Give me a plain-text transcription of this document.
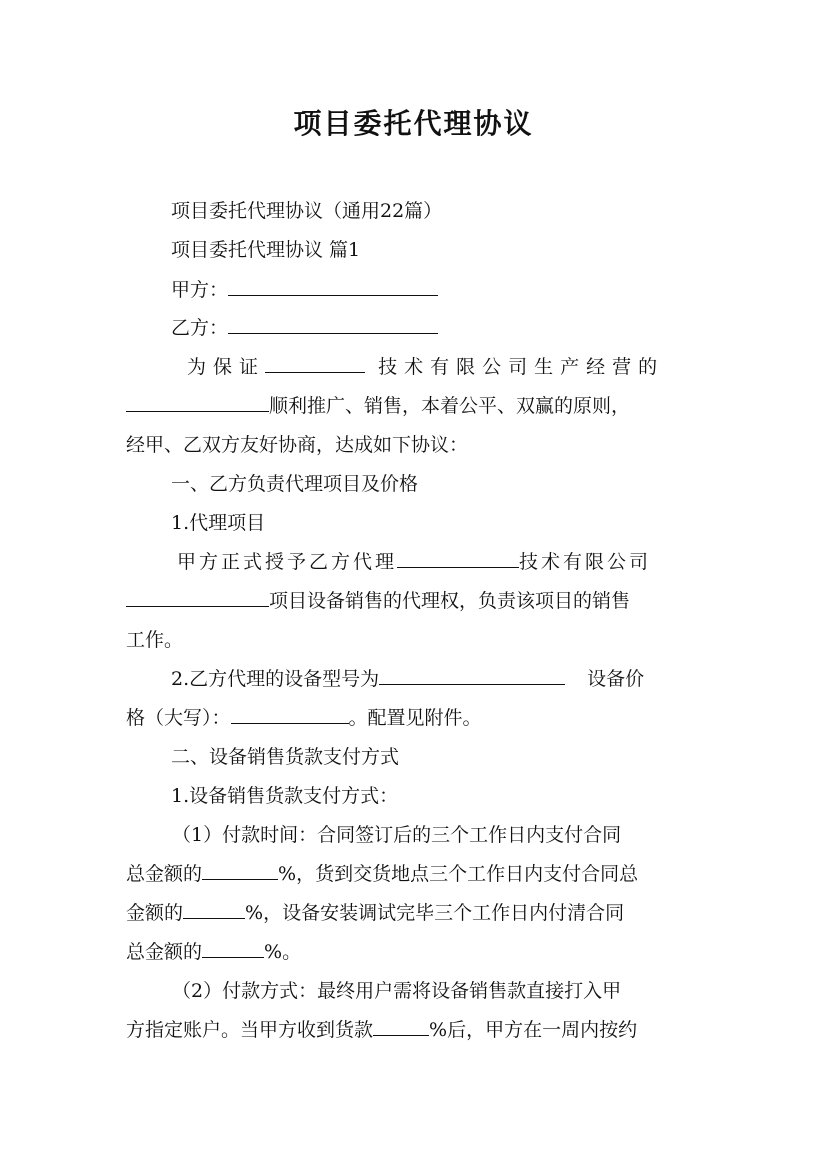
项目委托代理协议
项目委托代理协议（通用22篇）
项目委托代理协议 篇1
甲方：
乙方：
为保证	技术有限公司生产经营的
顺利推广、销售，本着公平、双赢的原则，
经甲、乙双方友好协商，达成如下协议：
一、乙方负责代理项目及价格
1.代理项目
甲方正式授予乙方代理	技术有限公司
项目设备销售的代理权，负责该项目的销售
工作。
2.乙方代理的设备型号为	设备价
格（大写）：	。配置见附件。
二、设备销售货款支付方式
1.设备销售货款支付方式：
（1）付款时间：合同签订后的三个工作日内支付合同
总金额的	%，货到交货地点三个工作日内支付合同总
金额的	%，设备安装调试完毕三个工作日内付清合同
总金额的	%。
（2）付款方式：最终用户需将设备销售款直接打入甲
方指定账户。当甲方收到货款	%后，甲方在一周内按约
